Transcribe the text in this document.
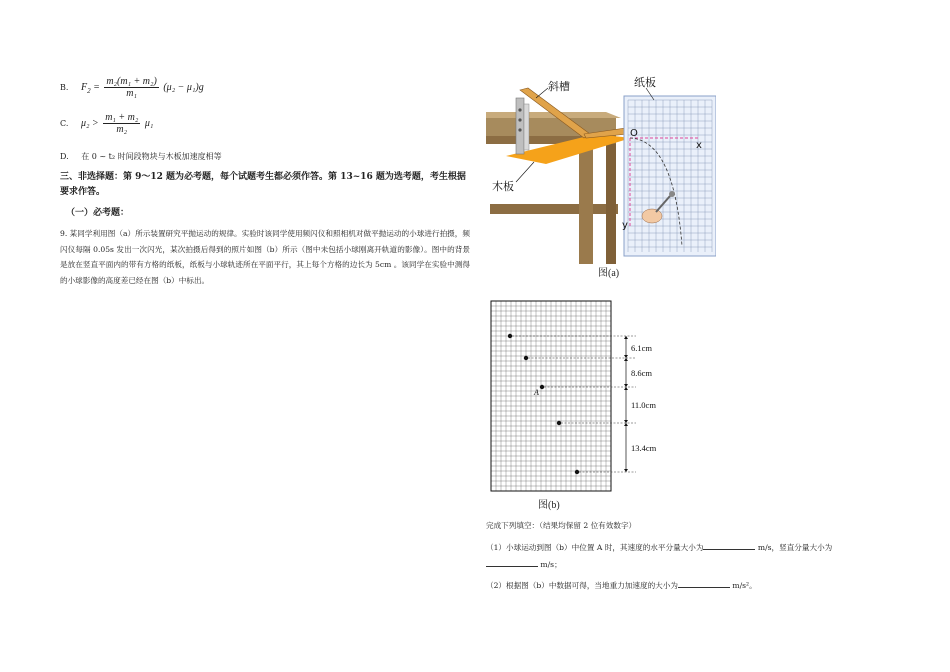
B. $F_2 = \frac{\text{m₂(m₁ + m₂)}}{\text{m₁}} (\mu_2 - \mu_1)g$
C. $\mu_2 > \frac{\text{m₁ + m₂}}{\text{m₂}} \mu_1$
D. 在 0 ~ t₂ 时间段物块与木板加速度相等
三、非选择题：第 9～12 题为必考题，每个试题考生都必须作答。第 13~16 题为选考题，考生根据要求作答。
（一）必考题：
9. 某同学利用图（a）所示装置研究平抛运动的规律。实验时该同学使用频闪仪和照相机对做平抛运动的小球进行拍摄，频闪仪每隔 0.05s 发出一次闪光，某次拍摄后得到的照片如图（b）所示（图中未包括小球刚离开轨道的影像）。图中的背景是放在竖直平面内的带有方格的纸板，纸板与小球轨迹所在平面平行，其上每个方格的边长为 5cm 。该同学在实验中测得的小球影像的高度差已经在图（b）中标出。
斜槽
木板
纸板
O
x
y
图(a)
A
6.1cm
8.6cm
11.0cm
13.4cm
图(b)
完成下列填空：（结果均保留 2 位有效数字）
（1）小球运动到图（b）中位置 A 时，其速度的水平分量大小为	m/s，竖直分量大小为
m/s；
（2）根据图（b）中数据可得，当地重力加速度的大小为	m/s²。
